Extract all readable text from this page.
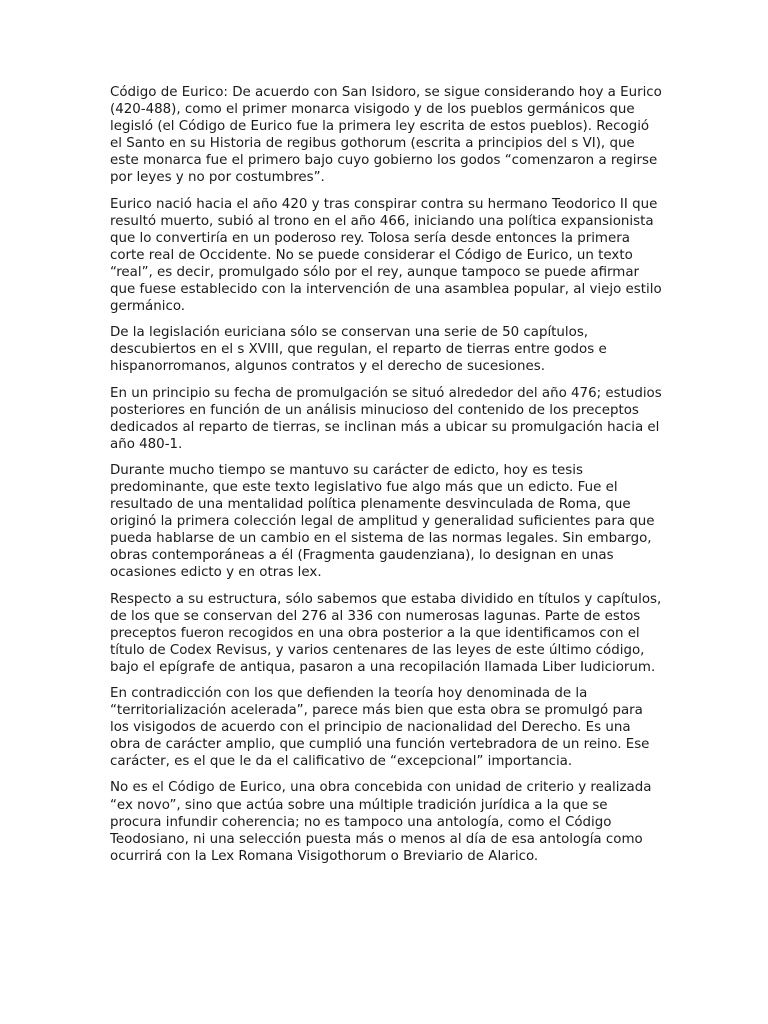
Código de Eurico: De acuerdo con San Isidoro, se sigue considerando hoy a Eurico (420-488), como el primer monarca visigodo y de los pueblos germánicos que legisló (el Código de Eurico fue la primera ley escrita de estos pueblos). Recogió el Santo en su Historia de regibus gothorum (escrita a principios del s VI), que este monarca fue el primero bajo cuyo gobierno los godos “comenzaron a regirse por leyes y no por costumbres”.

Eurico nació hacia el año 420 y tras conspirar contra su hermano Teodorico II que resultó muerto, subió al trono en el año 466, iniciando una política expansionista que lo convertiría en un poderoso rey. Tolosa sería desde entonces la primera corte real de Occidente. No se puede considerar el Código de Eurico, un texto “real”, es decir, promulgado sólo por el rey, aunque tampoco se puede afirmar que fuese establecido con la intervención de una asamblea popular, al viejo estilo germánico.

De la legislación euriciana sólo se conservan una serie de 50 capítulos, descubiertos en el s XVIII, que regulan, el reparto de tierras entre godos e hispanorromanos, algunos contratos y el derecho de sucesiones.

En un principio su fecha de promulgación se situó alrededor del año 476; estudios posteriores en función de un análisis minucioso del contenido de los preceptos dedicados al reparto de tierras, se inclinan más a ubicar su promulgación hacia el año 480-1.

Durante mucho tiempo se mantuvo su carácter de edicto, hoy es tesis predominante, que este texto legislativo fue algo más que un edicto. Fue el resultado de una mentalidad política plenamente desvinculada de Roma, que originó la primera colección legal de amplitud y generalidad suficientes para que pueda hablarse de un cambio en el sistema de las normas legales. Sin embargo, obras contemporáneas a él (Fragmenta gaudenziana), lo designan en unas ocasiones edicto y en otras lex.

Respecto a su estructura, sólo sabemos que estaba dividido en títulos y capítulos, de los que se conservan del 276 al 336 con numerosas lagunas. Parte de estos preceptos fueron recogidos en una obra posterior a la que identificamos con el título de Codex Revisus, y varios centenares de las leyes de este último código, bajo el epígrafe de antiqua, pasaron a una recopilación llamada Liber Iudiciorum.

En contradicción con los que defienden la teoría hoy denominada de la “territorialización acelerada”, parece más bien que esta obra se promulgó para los visigodos de acuerdo con el principio de nacionalidad del Derecho. Es una obra de carácter amplio, que cumplió una función vertebradora de un reino. Ese carácter, es el que le da el calificativo de “excepcional” importancia.

No es el Código de Eurico, una obra concebida con unidad de criterio y realizada “ex novo”, sino que actúa sobre una múltiple tradición jurídica a la que se procura infundir coherencia; no es tampoco una antología, como el Código Teodosiano, ni una selección puesta más o menos al día de esa antología como ocurrirá con la Lex Romana Visigothorum o Breviario de Alarico.
